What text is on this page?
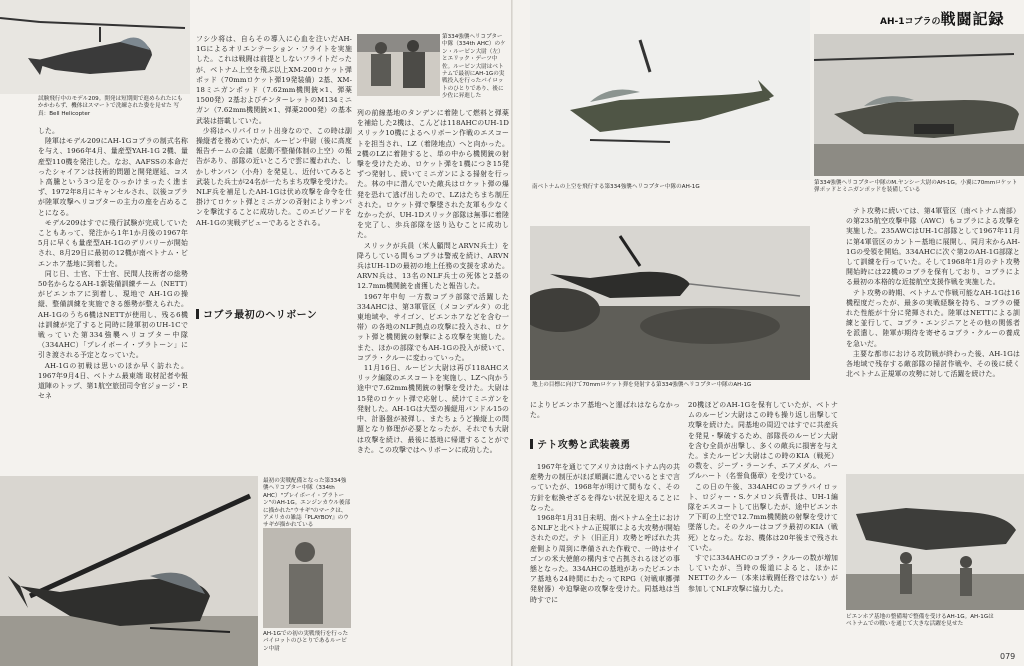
試験飛行中のモデル209。開発は短期間で進められたにもかかわらず、機体はスマートで洗練された姿を見せた 写真：Bell Helicopter
第334強襲ヘリコプター中隊（334th AHC）のケン・ルーピン大尉（左）とエリック・デーツ中佐。ルーピン大尉はベトナムで最初にAH-1Gの実戦投入を行ったパイロットのひとりであり、後に少佐に昇進した

した。

陸軍はモデル209にAH-1Gコブラの制式名称を与え、1966年4月、量産型YAH-1G 2機、量産型110機を発注した。なお、AAFSSの本命だったシャイアンは技術的問題と開発遅延、コスト高騰という3つ足をひっかけまったく進まず、1972年8月にキャンセルされ、以後コブラが陸軍攻撃ヘリコプターの主力の座を占めることになる。

モデル209はすでに飛行試験が完成していたこともあって、発注から1年1か月後の1967年5月に早くも量産型AH-1Gのデリバリーが開始され、8月29日に最初の12機が南ベトナム・ビエンホア基地に到着した。

同じ日、士官、下士官、民間人技術者の総勢50名からなるAH-1新装備訓練チーム（NETT）がビエンホアに到着し、現地で AH-1Gの操縦、整備訓練を実施できる態勢が整えられた。AH-1Gのうち6機はNETTが使用し、残る6機は訓練が完了すると同時に陸軍初のUH-1Cで戦っていた第334強襲ヘリコプター中隊（334AHC）「プレイボーイ・プラトーン」に引き渡される予定となっていた。

AH-1Gの初戦は思いのほか早く訪れた。1967年9月4日、ベトナム最東端 取材記者や報道陣のトップ、第1航空旅団司令官ジョージ・P.セネ

フシ少将は、自らその導入に心血を注いだAH-1Gによるオリエンテーション・フライトを実施した。これは戦闘は前提としないフライトだったが、ベトナム上空を飛ぶ以上XM-200ロケット弾ポッド（70mmロケット弾19発装備）2基、XM-18ミニガンポッド（7.62mm機関銃×1、弾薬1500発）2基およびチンターレットのM134ミニガン（7.62mm機関銃×1、弾薬2000発）の基本武装は搭載していた。

少将はヘリパイロット出身なので、この時は副操縦者を務めていたが、ルーピン中尉（後に高度報告チームの会議（起動不整備体制の上空）の報告があり、部隊の近いところで雲に覆われた、しかしサンパン（小舟）を発見し、近付いてみると武装した兵士が24名が一たちまち攻撃を受けた。NLF兵を補足したAH-1Gは伏め攻撃を命令を仕掛けてロケット弾とミニガンの斉射によりサンパンを撃沈することに成功した。このエピソードをAH-1Gの実戦デビューであるとされる。

コブラ最初のヘリボーン

列の前線基地のタンデンに着陸して燃料と弾薬を補給した2機は、こんどは118AHCのUH-1Dスリック10機によるヘリボーン作戦のエスコートを担当され、LZ（着陸地点）へと向かった。2機のLZに着陸すると、単の中から機関銃の射撃を受けたため、ロケット弾を1機につき15発ずつ発射し、続いてミニガンによる掃射を行った。林の中に潜んでいた敵兵はロケット弾の爆発を恐れて逃げ出したので、LZはたちまち制圧された。ロケット弾で撃墜された友軍も少なくなかったが、UH-1Dスリック部隊は無事に着陸を完了し、歩兵部隊を送り込むことに成功した。

スリックが兵員（米人顧問とARVN兵士）を降ろしている間もコブラは警戒を続け、ARVN兵はUH-1Dの最初の地上任務の支援を求めた。ARVN兵は、13名のNLF兵士の死体と2基の12.7mm機関銃を鹵獲したと報告した。

1967年中旬 一方数コブラ部隊で活躍した334AHCは、第3軍管区（メコンデルタ）の北東地域や、サイゴン、ビエンホアなどを含む一帯）の各地のNLF拠点の攻撃に投入され、ロケット弾と機関銃の射撃による攻撃を実施した。また、ほかの部隊でもAH-1Gの投入が続いて、コブラ・クルーに変わっていった。

11月16日、ルーピン大尉は再び118AHCスリック編隊のエスコートを実施し、LZへ向かう途中で7.62mm機関銃の射撃を受けた。大尉は15発のロケット弾で応射し、続けてミニガンを発射した。AH-1Gは大型の操縦用バンドル15の中、計器盤が被弾し、またちょうど操縦上の問題となり修理が必要となったが、それでも大尉は攻撃を続け、最後に基地に帰還することができた。この攻撃ではヘリボーンに成功した。

最初の実戦配備となった第334強襲ヘリコプター中隊（334th AHC）"プレイボーイ・プラトーン"のAH-1G。エンジンカウル後部に描かれた"ウサギ"のマークは、アメリカの雑誌『PLAYBOY』のウサギが描かれている
AH-1Gでの初の実戦飛行を行ったパイロットのひとりであるルーピン中尉
AH-1コブラの戦闘記録
南ベトナムの上空を飛行する第334強襲ヘリコプター中隊のAH-1G
地上の目標に向けて70mmロケット弾を発射する第334強襲ヘリコプター中隊のAH-1G
第334強襲ヘリコプター中隊のM.ヤンシー大尉のAH-1G。小翼に70mmロケット弾ポッドとミニガンポッドを装備している

によりビエンホア基地へと運ばれはならなかった。

テト攻勢と武装義勇

1967年を通じてアメリカは南ベトナム内の共産勢力の制圧がほぼ順調に進んでいるとまで言っていたが、1968年が明けて間もなく、その方針を転換せざるを得ない状況を迎えることになった。

1968年1月31日未明、南ベトナム全土におけるNLFと北ベトナム正規軍による大攻勢が開始されたのだ。テト（旧正月）攻勢と呼ばれた共産側より周到に準備された作戦で、一時はサイゴンの米大使館の構内まで占拠されるほどの事態となった。334AHCの基地があったビエンホア基地も24時間にわたってRPG（対戦車擲弾発射器）や迫撃砲の攻撃を受けた。同基地は当時すでに

20機ほどのAH-1Gを保有していたが、ベトナムのルーピン大尉はこの時も操り返し出撃して攻撃を続けた。同基地の周辺ではすでに共産兵を発見・撃破するため、部隊長のルーピン大尉を含む全員が出撃し、多くの敵兵に損害を与えた。またルーピン大尉はこの時のKIA（戦死）の数を、ジープ・ラーンチ、エアメダル、パープルハート（名誉負傷章）を受けている。

この日の午後、334AHCのコブラパイロット、ロジャー・S.ケメロン兵曹長は、UH-1編隊をエスコートして出撃したが、途中ビエンホア下町の上空で12.7mm機関銃の射撃を受けて墜落した。そのクルーはコブラ最初のKIA（戦死）となった。なお、機体は20年後まで残されていた。

すでに334AHCのコブラ・クルーの数が増加していたが、当時の報道によると、ほかにNETTのクルー（本来は戦闘任務ではない）が参加してNLF攻撃に協力した。

テト攻勢に続いては、第4軍管区（南ベトナム南部）の第235航空攻撃中隊（AWC）もコブラによる攻撃を実施した。235AWCはUH-1C部隊として1967年11月に第4軍管区のカントー基地に展開し、同月末からAH-1Gの受領を開始。334AHCに次ぐ第2のAH-1G部隊として訓練を行っていた。そして1968年1月のテト攻勢開始時には22機のコブラを保有しており、コブラによる最初の本格的な近接航空支援作戦を実施した。

テト攻勢の時期、ベトナムで作戦可能なAH-1Gは16機程度だったが、最多の実戦経験を持ち、コブラの優れた性能が十分に発揮された。陸軍はNETTによる訓練と並行して、コブラ・エンジニアとその他の関係者を派遣し、陸軍が期待を寄せるコブラ・クルーの養成を急いだ。

主要な都市における攻防戦が終わった後、AH-1Gは各地域で残存する敵部隊の掃討作戦や、その後に続く北ベトナム正規軍の攻勢に対して活躍を続けた。

ビエンホア基地の整備場で整備を受けるAH-1G。AH-1Gはベトナムでの戦いを通じて大きな活躍を見せた
079
